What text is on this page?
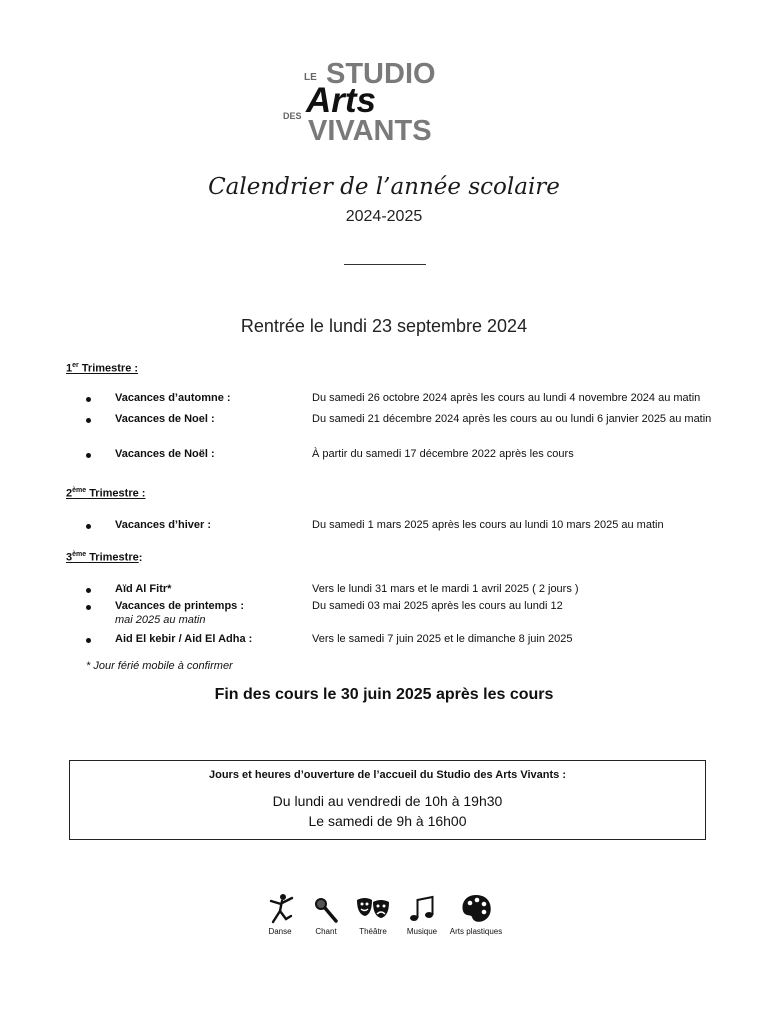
LE STUDIO
DES Arts
VIVANTS
Calendrier de l’année scolaire
2024-2025
Rentrée le lundi 23 septembre 2024
1er Trimestre :
Vacances d’automne :	Du samedi 26 octobre 2024 après les cours au lundi 4 novembre 2024 au matin
Vacances de Noel :	Du samedi 21 décembre 2024 après les cours au ou lundi 6 janvier 2025 au matin
Vacances de Noël :	À partir du samedi 17 décembre 2022 après les cours
2ème Trimestre :
Vacances d’hiver :	Du samedi 1 mars 2025 après les cours au lundi 10 mars 2025 au matin
3ème Trimestre:
Aïd Al Fitr*	Vers le lundi 31 mars et le mardi 1 avril 2025 ( 2 jours )
Vacances de printemps :	Du samedi 03 mai 2025 après les cours au lundi 12
mai 2025 au matin
Aid El kebir / Aid El Adha :	Vers le samedi 7 juin 2025 et le dimanche 8 juin 2025
* Jour férié mobile à confirmer
Fin des cours le 30 juin 2025 après les cours
Jours et heures d’ouverture de l’accueil du Studio des Arts Vivants :
Du lundi au vendredi de 10h à 19h30
Le samedi de 9h à 16h00
Danse	Chant	Théâtre	Musique	Arts plastiques
